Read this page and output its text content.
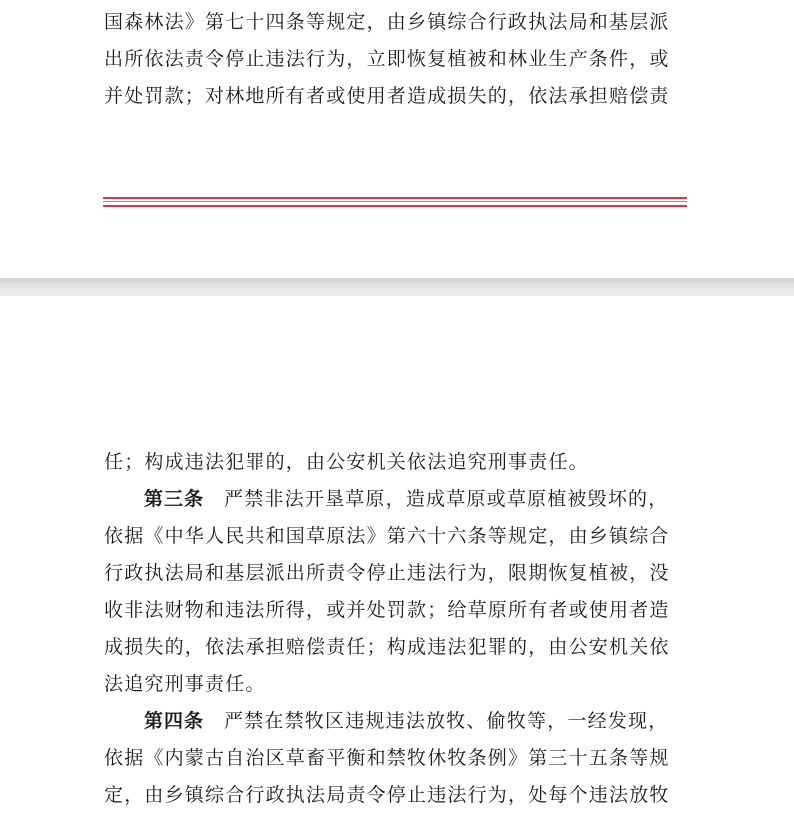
国森林法》第七十四条等规定，由乡镇综合行政执法局和基层派
出所依法责令停止违法行为，立即恢复植被和林业生产条件，或
并处罚款；对林地所有者或使用者造成损失的，依法承担赔偿责
任；构成违法犯罪的，由公安机关依法追究刑事责任。
第三条 严禁非法开垦草原，造成草原或草原植被毁坏的，
依据《中华人民共和国草原法》第六十六条等规定，由乡镇综合
行政执法局和基层派出所责令停止违法行为，限期恢复植被，没
收非法财物和违法所得，或并处罚款；给草原所有者或使用者造
成损失的，依法承担赔偿责任；构成违法犯罪的，由公安机关依
法追究刑事责任。
第四条 严禁在禁牧区违规违法放牧、偷牧等，一经发现，
依据《内蒙古自治区草畜平衡和禁牧休牧条例》第三十五条等规
定，由乡镇综合行政执法局责令停止违法行为，处每个违法放牧
